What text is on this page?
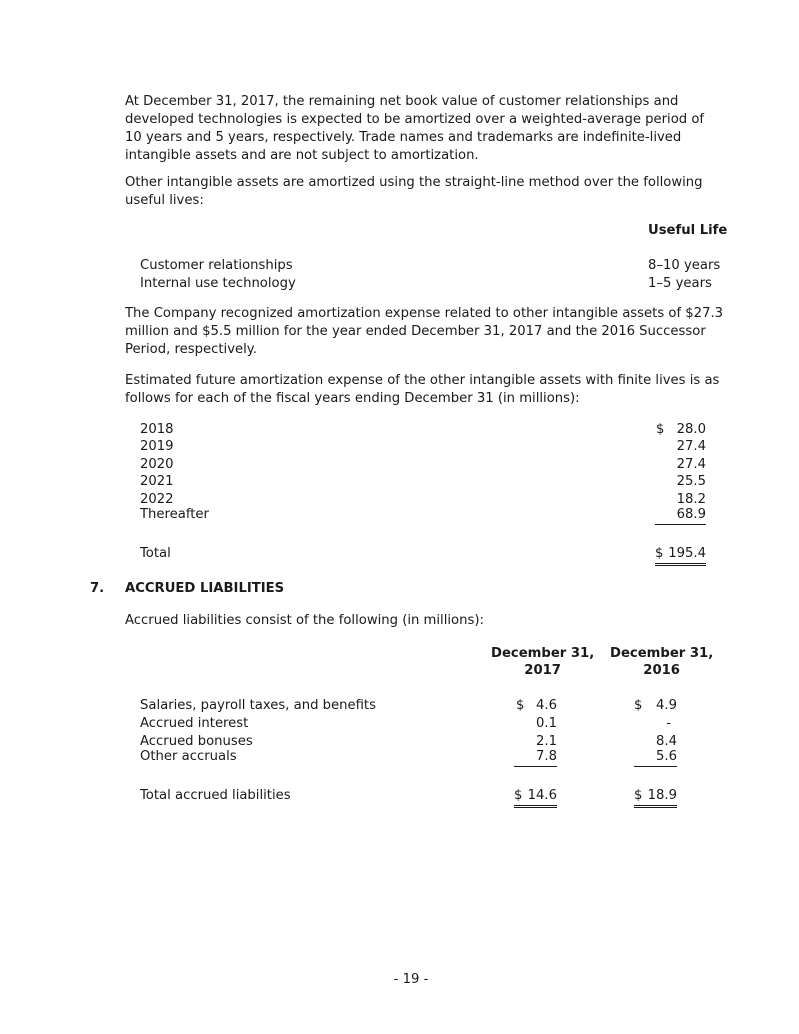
At December 31, 2017, the remaining net book value of customer relationships and developed technologies is expected to be amortized over a weighted-average period of 10 years and 5 years, respectively. Trade names and trademarks are indefinite-lived intangible assets and are not subject to amortization.
Other intangible assets are amortized using the straight-line method over the following useful lives:
Useful Life
Customer relationships	8–10 years
Internal use technology	1–5 years
The Company recognized amortization expense related to other intangible assets of $27.3 million and $5.5 million for the year ended December 31, 2017 and the 2016 Successor Period, respectively.
Estimated future amortization expense of the other intangible assets with finite lives is as follows for each of the fiscal years ending December 31 (in millions):
2018	$ 28.0
2019	27.4
2020	27.4
2021	25.5
2022	18.2
Thereafter	68.9
Total	$ 195.4
7. ACCRUED LIABILITIES
Accrued liabilities consist of the following (in millions):
December 31,
2017
December 31,
2016
Salaries, payroll taxes, and benefits	$ 4.6	$	4.9
Accrued interest	0.1	-
Accrued bonuses	2.1	8.4
Other accruals	7.8	5.6
Total accrued liabilities	$ 14.6	$ 18.9
- 19 -
